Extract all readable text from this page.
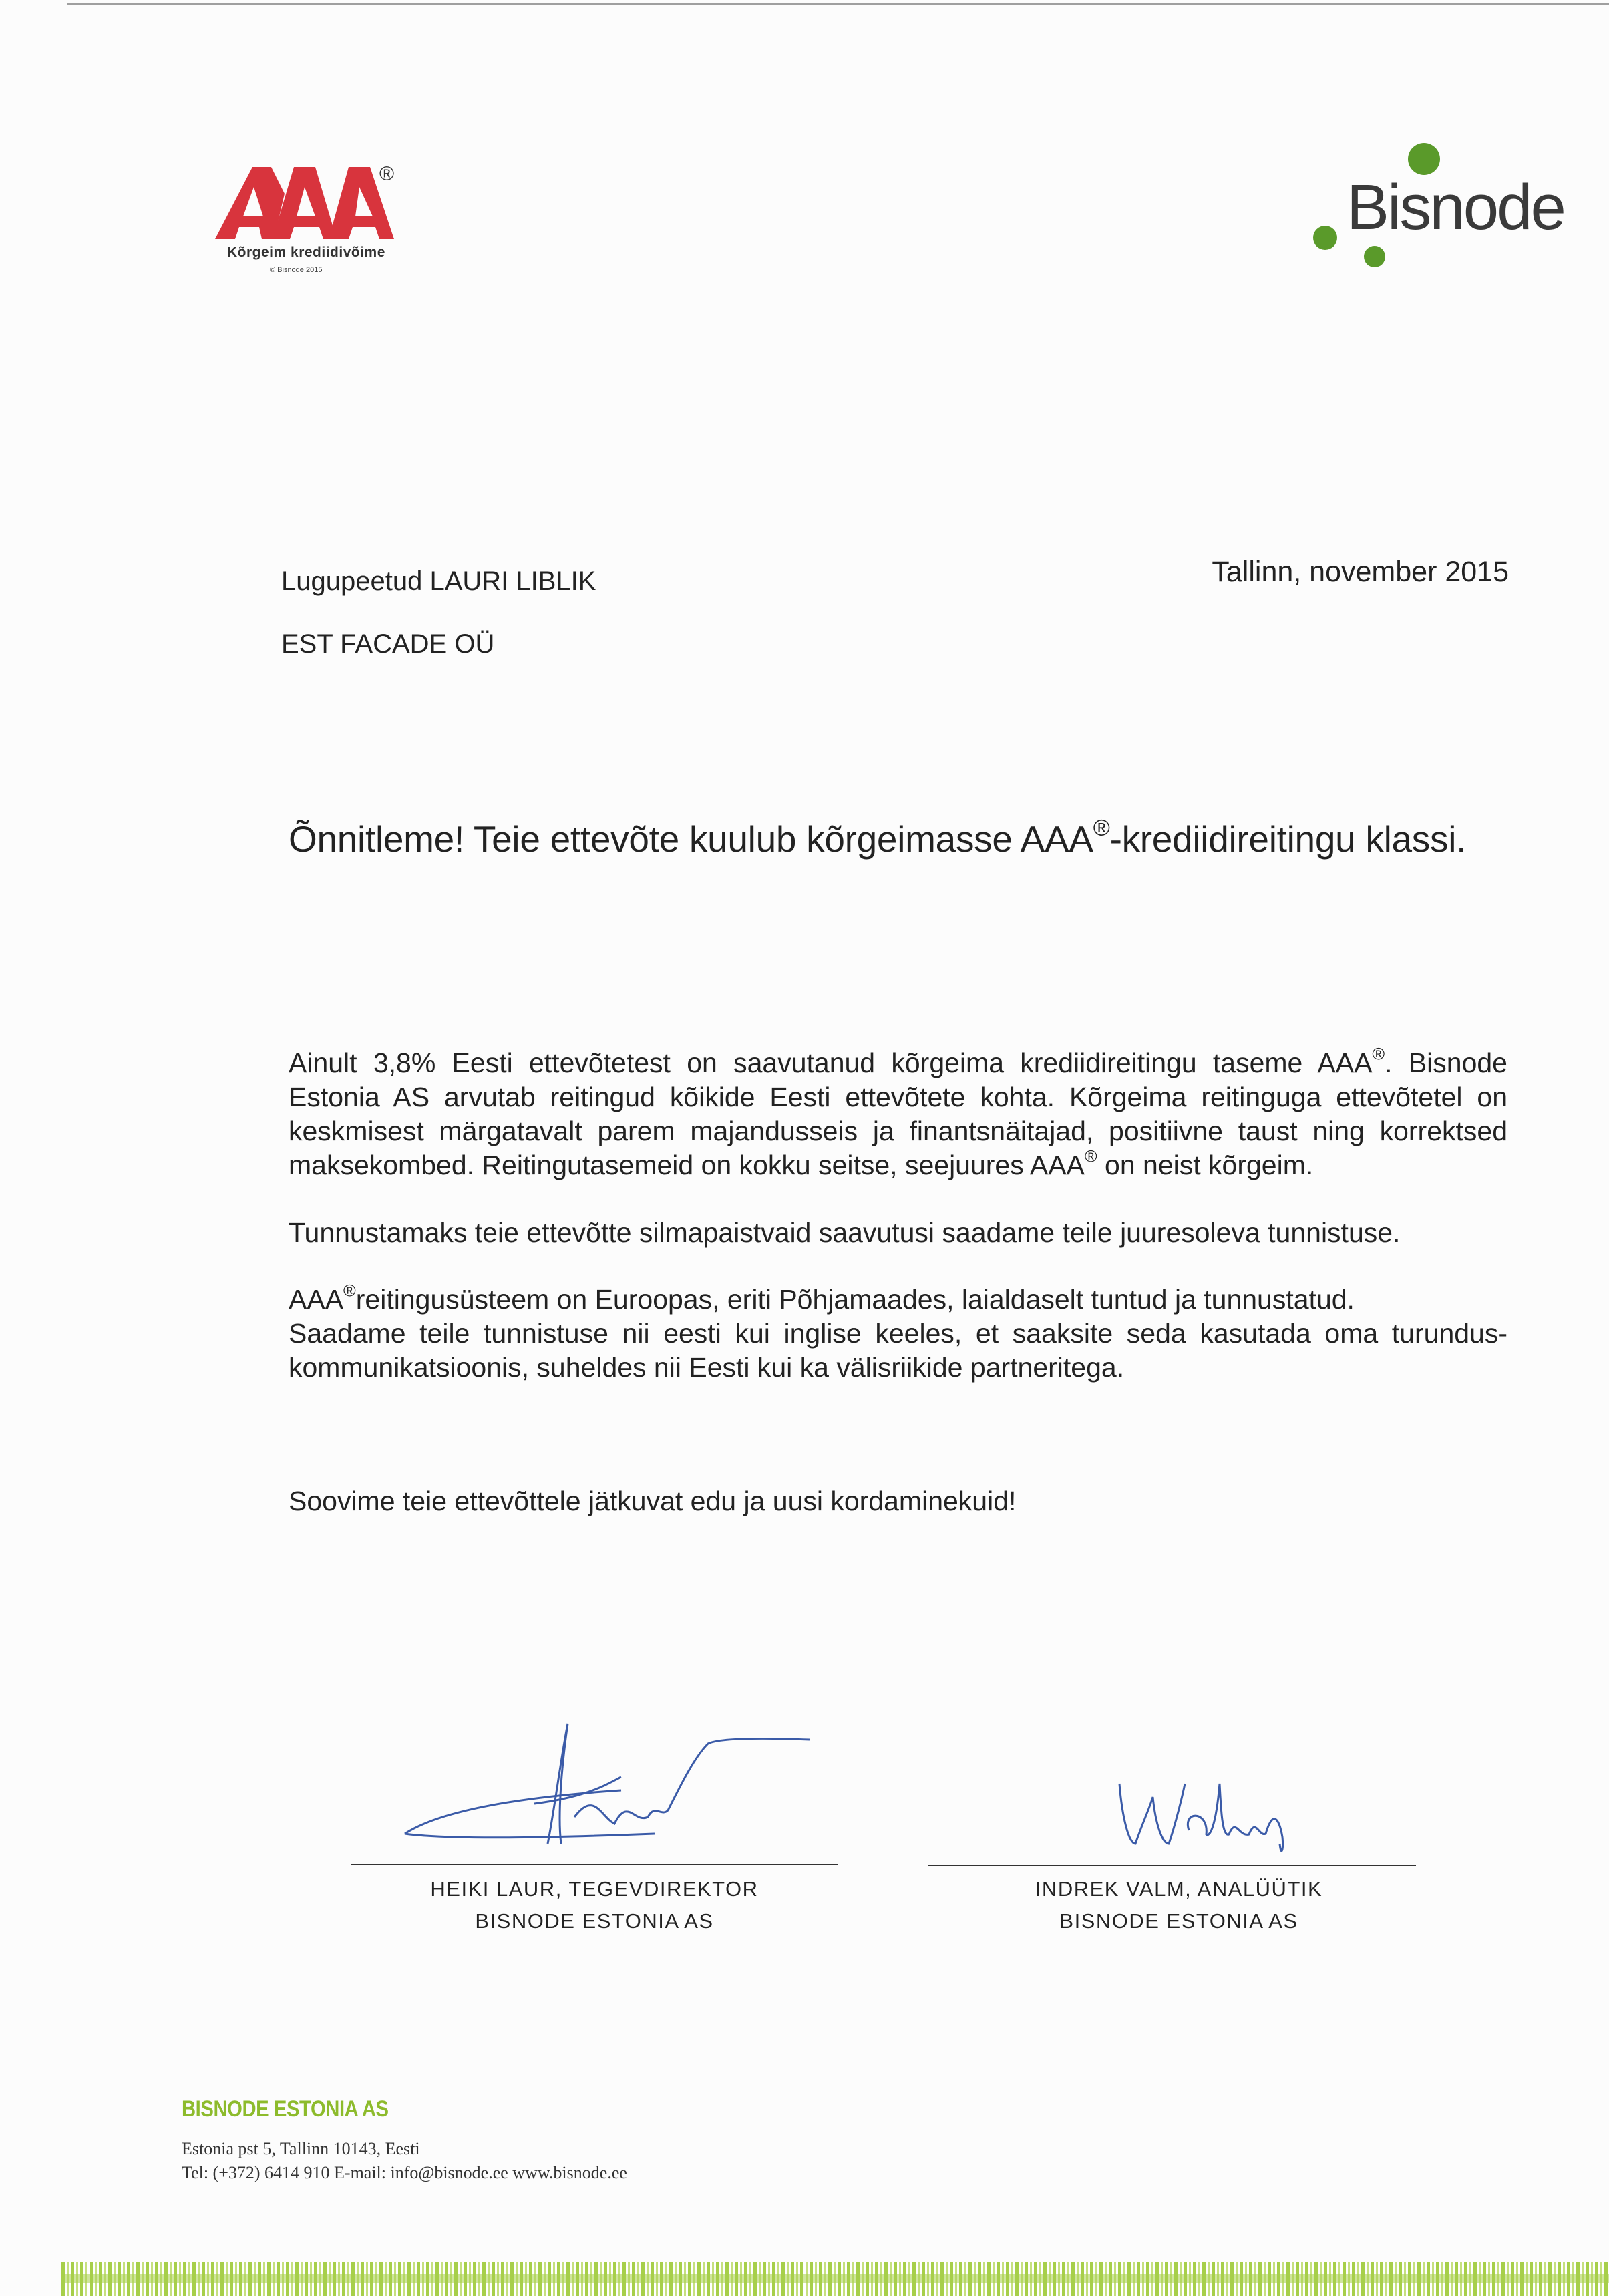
®
Kõrgeim krediidivõime
© Bisnode 2015
Bisnode
Lugupeetud LAURI LIBLIK
EST FACADE OÜ
Tallinn, november 2015
Õnnitleme! Teie ettevõte kuulub kõrgeimasse AAA®-krediidireitingu klassi.
Ainult 3,8% Eesti ettevõtetest on saavutanud kõrgeima krediidireitingu taseme AAA®. Bisnode
Estonia AS arvutab reitingud kõikide Eesti ettevõtete kohta. Kõrgeima reitinguga ettevõtetel on
keskmisest märgatavalt parem majandusseis ja finantsnäitajad, positiivne taust ning korrektsed
maksekombed. Reitingutasemeid on kokku seitse, seejuures AAA® on neist kõrgeim.
Tunnustamaks teie ettevõtte silmapaistvaid saavutusi saadame teile juuresoleva tunnistuse.
AAA®reitingusüsteem on Euroopas, eriti Põhjamaades, laialdaselt tuntud ja tunnustatud.
Saadame teile tunnistuse nii eesti kui inglise keeles, et saaksite seda kasutada oma turundus-
kommunikatsioonis, suheldes nii Eesti kui ka välisriikide partneritega.
Soovime teie ettevõttele jätkuvat edu ja uusi kordaminekuid!
HEIKI LAUR, TEGEVDIREKTOR
BISNODE ESTONIA AS
INDREK VALM, ANALÜÜTIK
BISNODE ESTONIA AS
BISNODE ESTONIA AS
Estonia pst 5, Tallinn 10143, Eesti
Tel: (+372) 6414 910 E-mail: info@bisnode.ee www.bisnode.ee
